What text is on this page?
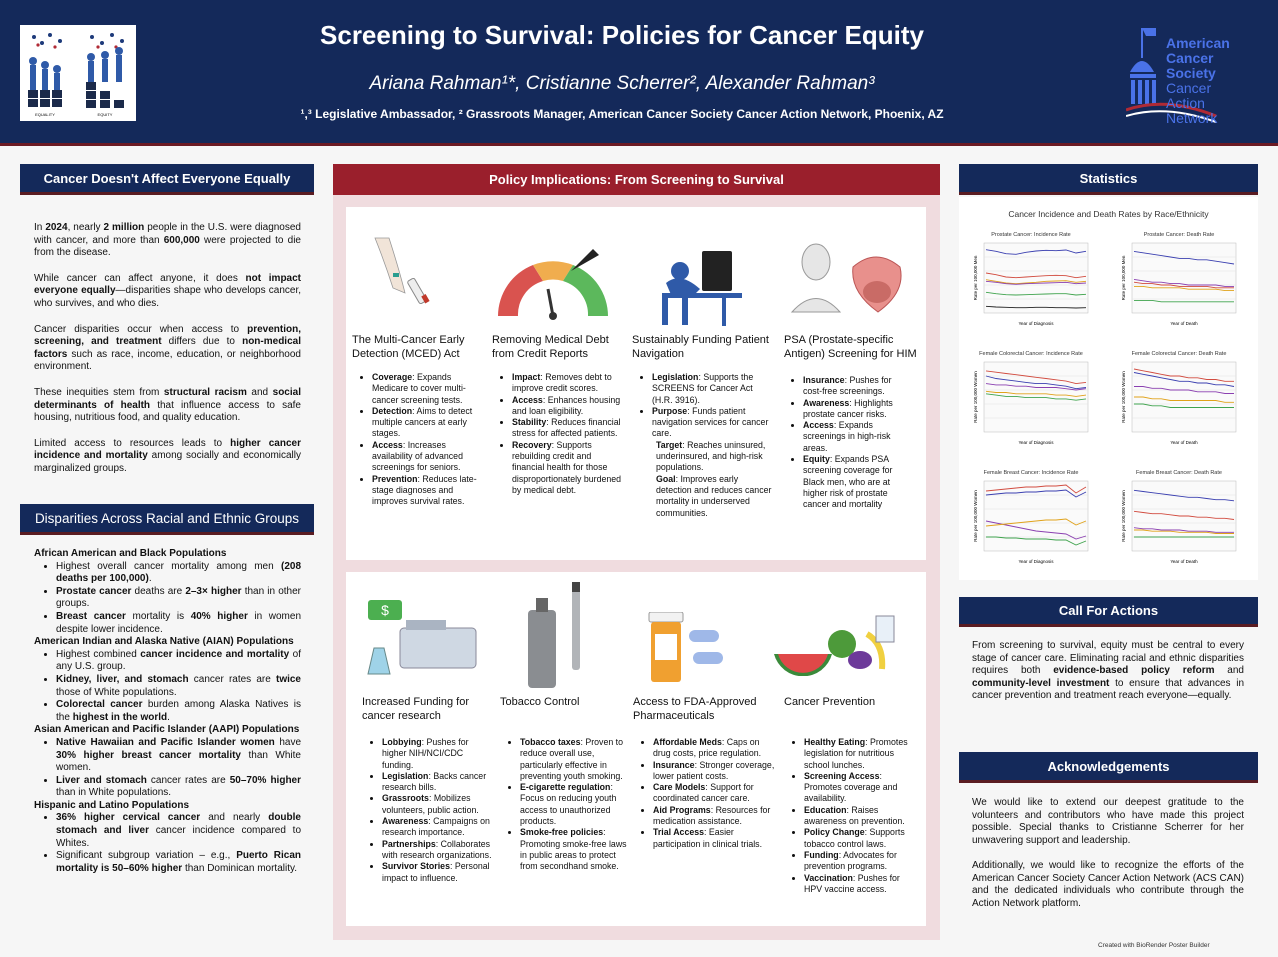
EQUALITY	EQUITY
Screening to Survival: Policies for Cancer Equity
Ariana Rahman¹*, Cristianne Scherrer², Alexander Rahman³
¹,³ Legislative Ambassador, ² Grassroots Manager, American Cancer Society Cancer Action Network, Phoenix, AZ
American
Cancer
Society
Cancer
Action
Network
Cancer Doesn't Affect Everyone Equally

In 2024, nearly 2 million people in the U.S. were diagnosed with cancer, and more than 600,000 were projected to die from the disease.

While cancer can affect anyone, it does not impact everyone equally—disparities shape who develops cancer, who survives, and who dies.

Cancer disparities occur when access to prevention, screening, and treatment differs due to non-medical factors such as race, income, education, or neighborhood environment.

These inequities stem from structural racism and social determinants of health that influence access to safe housing, nutritious food, and quality education.

Limited access to resources leads to higher cancer incidence and mortality among socially and economically marginalized groups.

Disparities Across Racial and Ethnic Groups
African American and Black Populations
• Highest overall cancer mortality among men (208 deaths per 100,000).
• Prostate cancer deaths are 2–3× higher than in other groups.
• Breast cancer mortality is 40% higher in women despite lower incidence.
American Indian and Alaska Native (AIAN) Populations
• Highest combined cancer incidence and mortality of any U.S. group.
• Kidney, liver, and stomach cancer rates are twice those of White populations.
• Colorectal cancer burden among Alaska Natives is the highest in the world.
Asian American and Pacific Islander (AAPI) Populations
• Native Hawaiian and Pacific Islander women have 30% higher breast cancer mortality than White women.
• Liver and stomach cancer rates are 50–70% higher than in White populations.
Hispanic and Latino Populations
• 36% higher cervical cancer and nearly double stomach and liver cancer incidence compared to Whites.
• Significant subgroup variation – e.g., Puerto Rican mortality is 50–60% higher than Dominican mortality.
Policy Implications: From Screening to Survival
The Multi-Cancer Early Detection (MCED) Act
Removing Medical Debt from Credit Reports
Sustainably Funding Patient Navigation
PSA (Prostate-specific Antigen) Screening for HIM
• Coverage: Expands Medicare to cover multi-cancer screening tests.
• Detection: Aims to detect multiple cancers at early stages.
• Access: Increases availability of advanced screenings for seniors.
• Prevention: Reduces late-stage diagnoses and improves survival rates.
• Impact: Removes debt to improve credit scores.
• Access: Enhances housing and loan eligibility.
• Stability: Reduces financial stress for affected patients.
• Recovery: Supports rebuilding credit and financial health for those disproportionately burdened by medical debt.
• Legislation: Supports the SCREENS for Cancer Act (H.R. 3916).
• Purpose: Funds patient navigation services for cancer care.
Target: Reaches uninsured, underinsured, and high-risk populations.
Goal: Improves early detection and reduces cancer mortality in underserved communities.
• Insurance: Pushes for cost-free screenings.
• Awareness: Highlights prostate cancer risks.
• Access: Expands screenings in high-risk areas.
• Equity: Expands PSA screening coverage for Black men, who are at higher risk of prostate cancer and mortality
$
Increased Funding for cancer research
Tobacco Control	Access to FDA-Approved Pharmaceuticals
Cancer Prevention
• Lobbying: Pushes for higher NIH/NCI/CDC funding.
• Legislation: Backs cancer research bills.
• Grassroots: Mobilizes volunteers, public action.
• Awareness: Campaigns on research importance.
• Partnerships: Collaborates with research organizations.
• Survivor Stories: Personal impact to influence.
• Tobacco taxes: Proven to reduce overall use, particularly effective in preventing youth smoking.
• E-cigarette regulation: Focus on reducing youth access to unauthorized products.
• Smoke-free policies: Promoting smoke-free laws in public areas to protect from secondhand smoke.
• Affordable Meds: Caps on drug costs, price regulation.
• Insurance: Stronger coverage, lower patient costs.
• Care Models: Support for coordinated cancer care.
• Aid Programs: Resources for medication assistance.
• Trial Access: Easier participation in clinical trials.
• Healthy Eating: Promotes legislation for nutritious school lunches.
• Screening Access: Promotes coverage and availability.
• Education: Raises awareness on prevention.
• Policy Change: Supports tobacco control laws.
• Funding: Advocates for prevention programs.
• Vaccination: Pushes for HPV vaccine access.
Statistics
Cancer Incidence and Death Rates by Race/Ethnicity
Prostate Cancer: Incidence Rate
Year of Diagnosis
Rate per 100,000 Men
Prostate Cancer: Death Rate
Year of Death
Rate per 100,000 Men
Female Colorectal Cancer: Incidence Rate
Year of Diagnosis
Rate per 100,000 Women
Female Colorectal Cancer: Death Rate
Year of Death
Rate per 100,000 Women
Female Breast Cancer: Incidence Rate
Year of Diagnosis
Rate per 100,000 Women
Female Breast Cancer: Death Rate
Year of Death
Rate per 100,000 Women
Call For Actions

From screening to survival, equity must be central to every stage of cancer care. Eliminating racial and ethnic disparities requires both evidence-based policy reform and community-level investment to ensure that advances in cancer prevention and treatment reach everyone—equally.

Acknowledgements

We would like to extend our deepest gratitude to the volunteers and contributors who have made this project possible. Special thanks to Cristianne Scherrer for her unwavering support and leadership.

Additionally, we would like to recognize the efforts of the American Cancer Society Cancer Action Network (ACS CAN) and the dedicated individuals who contribute through the Action Network platform.

Created with BioRender Poster Builder
